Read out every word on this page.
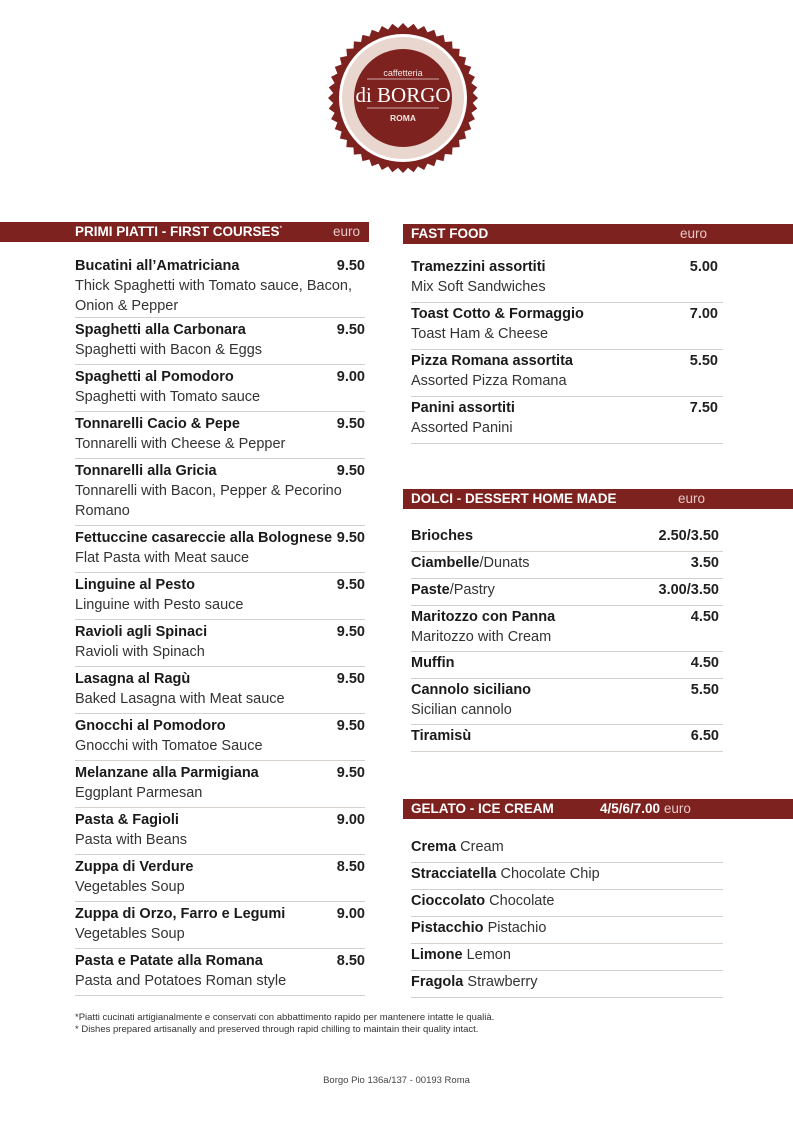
caffetteria
di BORGO
ROMA
PRIMI PIATTI - FIRST COURSES*	euro	FAST FOOD	euro
DOLCI - DESSERT HOME MADE	euro
GELATO - ICE CREAM	4/5/6/7.00 euro
Bucatini all’Amatriciana	9.50
Thick Spaghetti with Tomato sauce, Bacon, Onion & Pepper
Spaghetti alla Carbonara	9.50
Spaghetti with Bacon & Eggs
Spaghetti al Pomodoro	9.00
Spaghetti with Tomato sauce
Tonnarelli Cacio & Pepe	9.50
Tonnarelli with Cheese & Pepper
Tonnarelli alla Gricia	9.50
Tonnarelli with Bacon, Pepper & Pecorino Romano
Fettuccine casareccie alla Bolognese 9.50
Flat Pasta with Meat sauce
Linguine al Pesto	9.50
Linguine with Pesto sauce
Ravioli agli Spinaci	9.50
Ravioli with Spinach
Lasagna al Ragù	9.50
Baked Lasagna with Meat sauce
Gnocchi al Pomodoro	9.50
Gnocchi with Tomatoe Sauce
Melanzane alla Parmigiana	9.50
Eggplant Parmesan
Pasta & Fagioli	9.00
Pasta with Beans
Zuppa di Verdure	8.50
Vegetables Soup
Zuppa di Orzo, Farro e Legumi	9.00
Vegetables Soup
Pasta e Patate alla Romana	8.50
Pasta and Potatoes Roman style
Tramezzini assortiti	5.00
Mix Soft Sandwiches
Toast Cotto & Formaggio	7.00
Toast Ham & Cheese
Pizza Romana assortita	5.50
Assorted Pizza Romana
Panini assortiti	7.50
Assorted Panini
Brioches	2.50/3.50
Ciambelle/Dunats	3.50
Paste/Pastry	3.00/3.50
Maritozzo con Panna	4.50
Maritozzo with Cream
Muffin	4.50
Cannolo siciliano	5.50
Sicilian cannolo
Tiramisù	6.50
Crema Cream
Stracciatella Chocolate Chip
Cioccolato Chocolate
Pistacchio Pistachio
Limone Lemon
Fragola Strawberry
*Piatti cucinati artigianalmente e conservati con abbattimento rapido per mantenere intatte le qualià.
* Dishes prepared artisanally and preserved through rapid chilling to maintain their quality intact.
Borgo Pio 136a/137 - 00193 Roma
